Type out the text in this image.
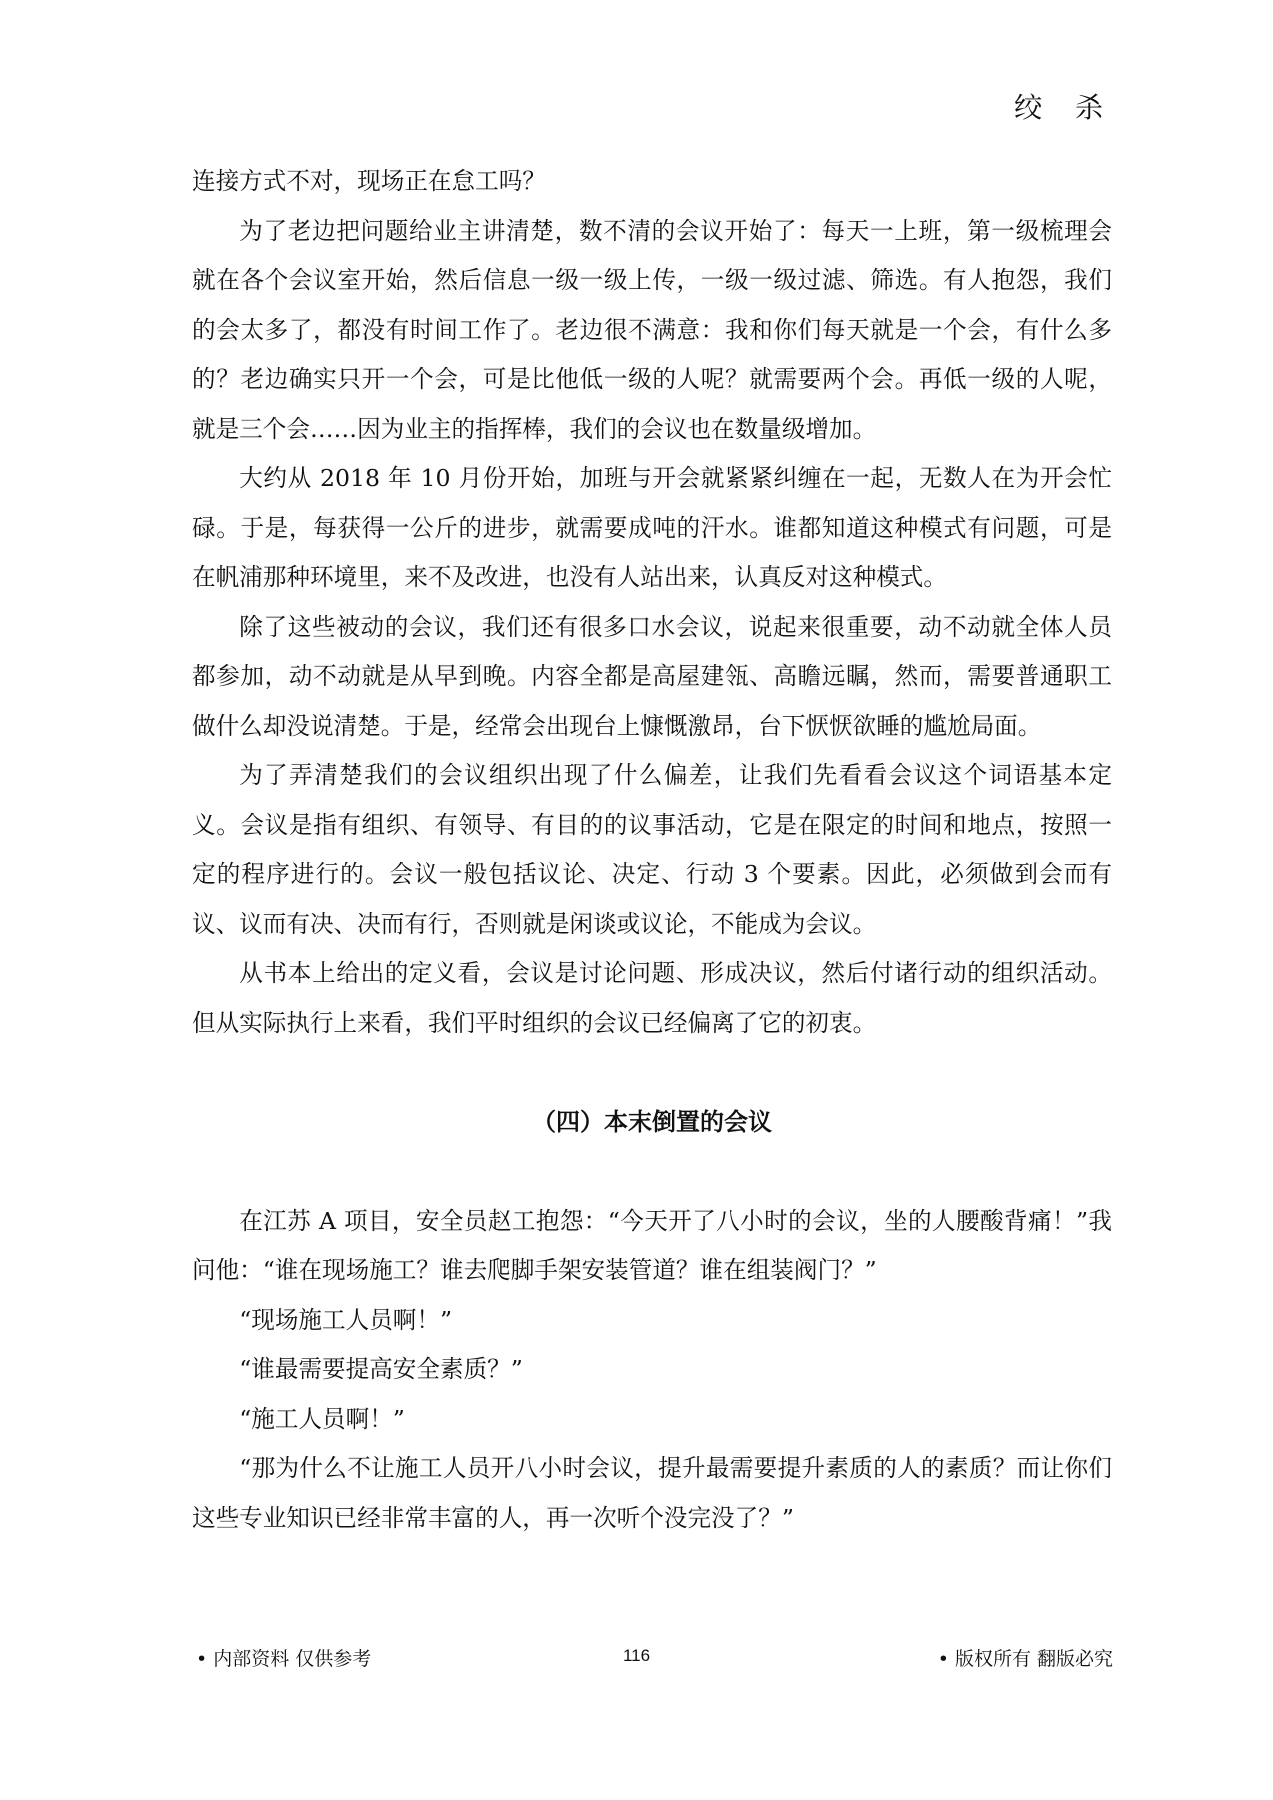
绞 杀

连接方式不对，现场正在怠工吗？

为了老边把问题给业主讲清楚，数不清的会议开始了：每天一上班，第一级梳理会就在各个会议室开始，然后信息一级一级上传，一级一级过滤、筛选。有人抱怨，我们的会太多了，都没有时间工作了。老边很不满意：我和你们每天就是一个会，有什么多的？老边确实只开一个会，可是比他低一级的人呢？就需要两个会。再低一级的人呢，就是三个会……因为业主的指挥棒，我们的会议也在数量级增加。

大约从 2018 年 10 月份开始，加班与开会就紧紧纠缠在一起，无数人在为开会忙碌。于是，每获得一公斤的进步，就需要成吨的汗水。谁都知道这种模式有问题，可是在帆浦那种环境里，来不及改进，也没有人站出来，认真反对这种模式。

除了这些被动的会议，我们还有很多口水会议，说起来很重要，动不动就全体人员都参加，动不动就是从早到晚。内容全都是高屋建瓴、高瞻远瞩，然而，需要普通职工做什么却没说清楚。于是，经常会出现台上慷慨激昂，台下恹恹欲睡的尴尬局面。

为了弄清楚我们的会议组织出现了什么偏差，让我们先看看会议这个词语基本定义。会议是指有组织、有领导、有目的的议事活动，它是在限定的时间和地点，按照一定的程序进行的。会议一般包括议论、决定、行动 3 个要素。因此，必须做到会而有议、议而有决、决而有行，否则就是闲谈或议论，不能成为会议。

从书本上给出的定义看，会议是讨论问题、形成决议，然后付诸行动的组织活动。但从实际执行上来看，我们平时组织的会议已经偏离了它的初衷。

（四）本末倒置的会议

在江苏 A 项目，安全员赵工抱怨：“今天开了八小时的会议，坐的人腰酸背痛！”我问他：“谁在现场施工？谁去爬脚手架安装管道？谁在组装阀门？”

“现场施工人员啊！”

“谁最需要提高安全素质？”

“施工人员啊！”

“那为什么不让施工人员开八小时会议，提升最需要提升素质的人的素质？而让你们这些专业知识已经非常丰富的人，再一次听个没完没了？”

• 内部资料 仅供参考	116	• 版权所有 翻版必究
